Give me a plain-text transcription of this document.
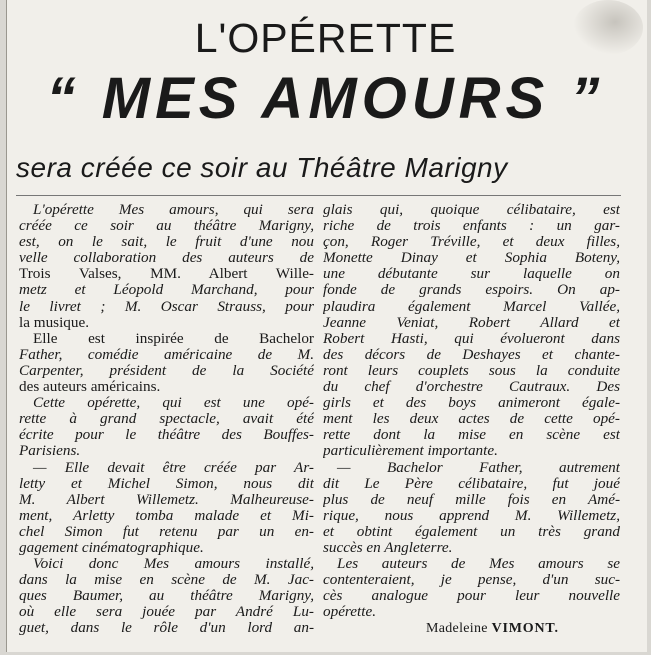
L'OPÉRETTE
“ MES AMOURS ”
sera créée ce soir au Théâtre Marigny
L'opérette Mes amours, qui sera
créée ce soir au théâtre Marigny,
est, on le sait, le fruit d'une nou
velle collaboration des auteurs de
Trois Valses, MM. Albert Wille-
metz et Léopold Marchand, pour
le livret ; M. Oscar Strauss, pour
la musique.
Elle est inspirée de Bachelor
Father, comédie américaine de M.
Carpenter, président de la Société
des auteurs américains.
Cette opérette, qui est une opé-
rette à grand spectacle, avait été
écrite pour le théâtre des Bouffes-
Parisiens.
— Elle devait être créée par Ar-
letty et Michel Simon, nous dit
M. Albert Willemetz. Malheureuse-
ment, Arletty tomba malade et Mi-
chel Simon fut retenu par un en-
gagement cinématographique.
Voici donc Mes amours installé,
dans la mise en scène de M. Jac-
ques Baumer, au théâtre Marigny,
où elle sera jouée par André Lu-
guet, dans le rôle d'un lord an-
glais qui, quoique célibataire, est
riche de trois enfants : un gar-
çon, Roger Tréville, et deux filles,
Monette Dinay et Sophia Boteny,
une débutante sur laquelle on
fonde de grands espoirs. On ap-
plaudira également Marcel Vallée,
Jeanne Veniat, Robert Allard et
Robert Hasti, qui évolueront dans
des décors de Deshayes et chante-
ront leurs couplets sous la conduite
du chef d'orchestre Cautraux. Des
girls et des boys animeront égale-
ment les deux actes de cette opé-
rette dont la mise en scène est
particulièrement importante.
— Bachelor Father, autrement
dit Le Père célibataire, fut joué
plus de neuf mille fois en Amé-
rique, nous apprend M. Willemetz,
et obtint également un très grand
succès en Angleterre.
Les auteurs de Mes amours se
contenteraient, je pense, d'un suc-
cès analogue pour leur nouvelle
opérette.
Madeleine VIMONT.
